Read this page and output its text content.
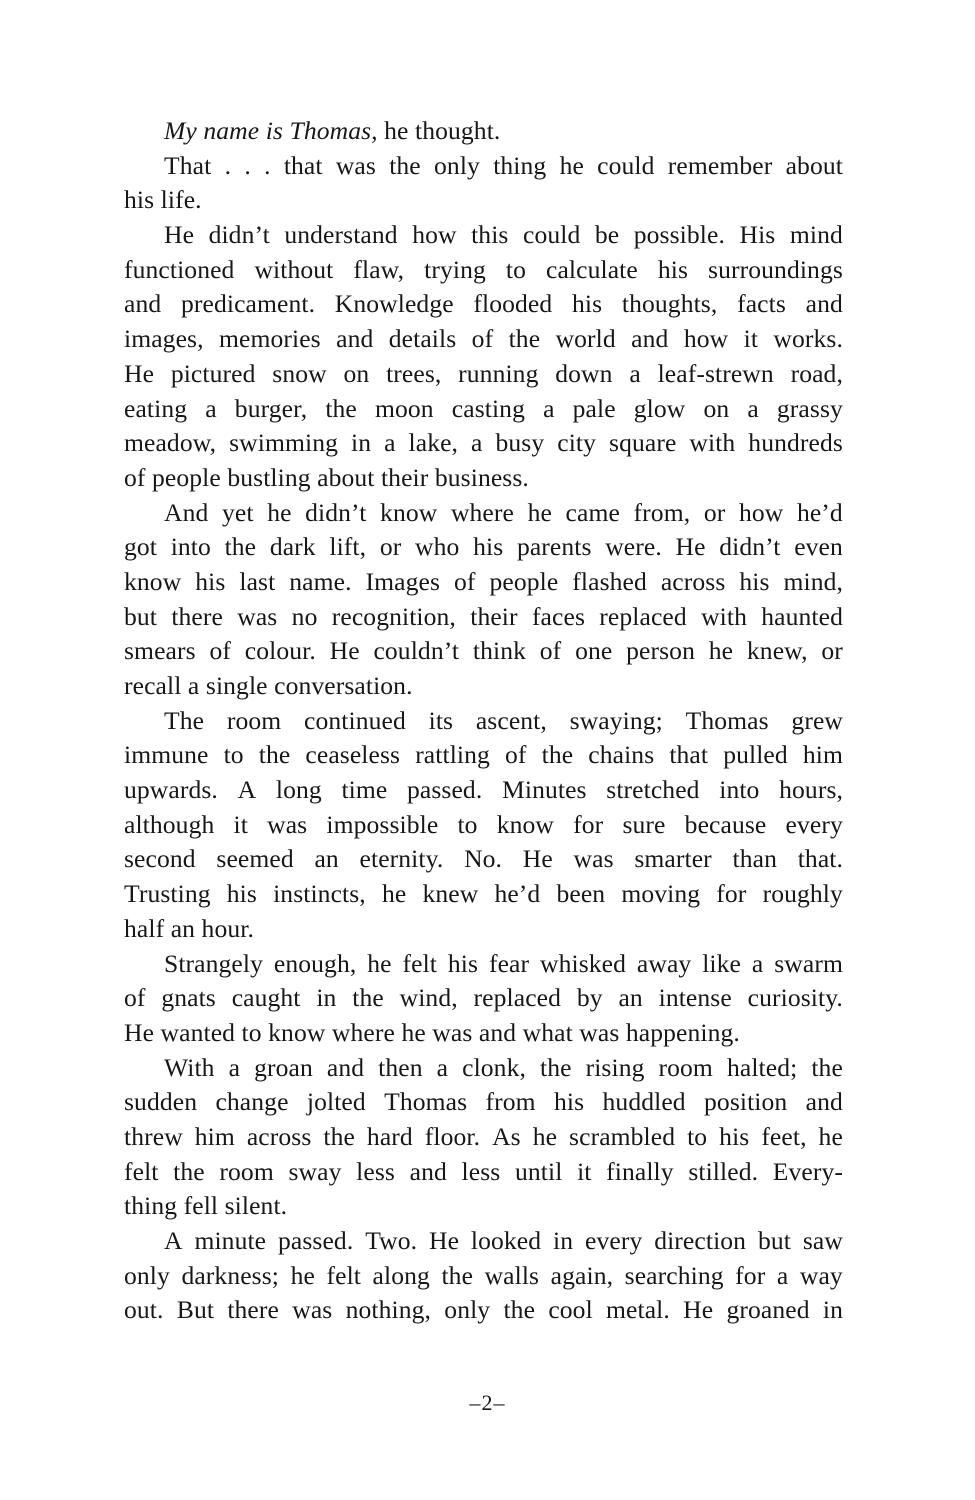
My name is Thomas, he thought.
That . . . that was the only thing he could remember about
his life.
He didn’t understand how this could be possible. His mind
functioned without flaw, trying to calculate his surroundings
and predicament. Knowledge flooded his thoughts, facts and
images, memories and details of the world and how it works.
He pictured snow on trees, running down a leaf-strewn road,
eating a burger, the moon casting a pale glow on a grassy
meadow, swimming in a lake, a busy city square with hundreds
of people bustling about their business.
And yet he didn’t know where he came from, or how he’d
got into the dark lift, or who his parents were. He didn’t even
know his last name. Images of people flashed across his mind,
but there was no recognition, their faces replaced with haunted
smears of colour. He couldn’t think of one person he knew, or
recall a single conversation.
The room continued its ascent, swaying; Thomas grew
immune to the ceaseless rattling of the chains that pulled him
upwards. A long time passed. Minutes stretched into hours,
although it was impossible to know for sure because every
second seemed an eternity. No. He was smarter than that.
Trusting his instincts, he knew he’d been moving for roughly
half an hour.
Strangely enough, he felt his fear whisked away like a swarm
of gnats caught in the wind, replaced by an intense curiosity.
He wanted to know where he was and what was happening.
With a groan and then a clonk, the rising room halted; the
sudden change jolted Thomas from his huddled position and
threw him across the hard floor. As he scrambled to his feet, he
felt the room sway less and less until it finally stilled. Every-
thing fell silent.
A minute passed. Two. He looked in every direction but saw
only darkness; he felt along the walls again, searching for a way
out. But there was nothing, only the cool metal. He groaned in
–2–
